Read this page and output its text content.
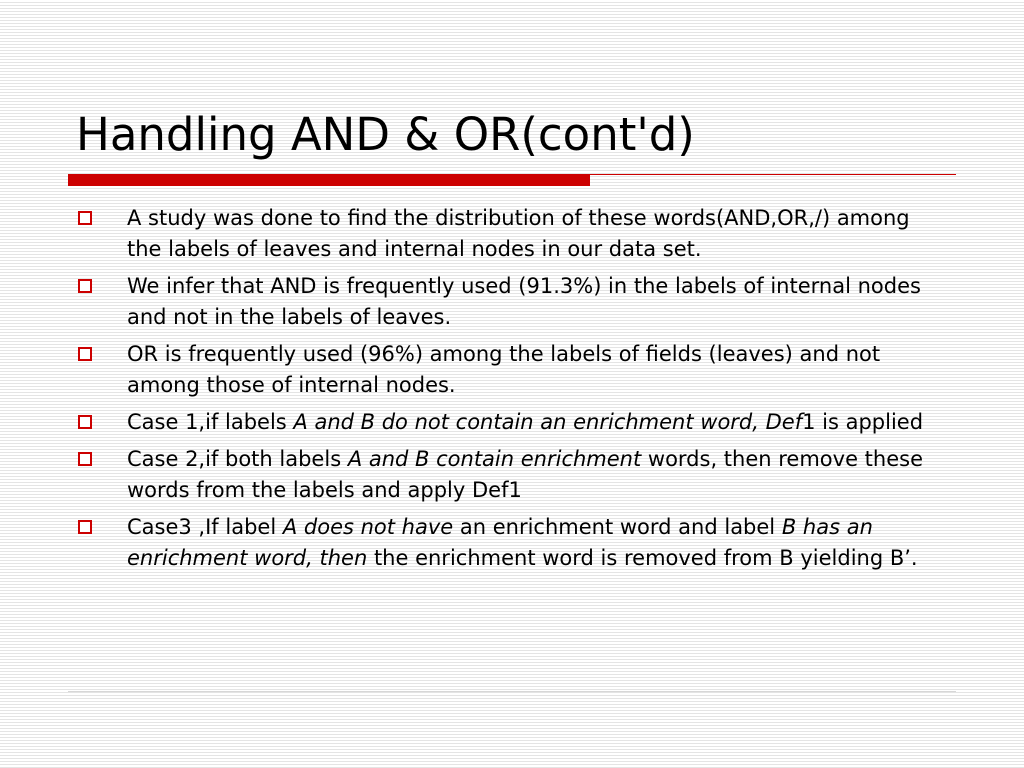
Handling AND & OR(cont'd)
A study was done to find the distribution of these words(AND,OR,/) among the labels of leaves and internal nodes in our data set.
We infer that AND is frequently used (91.3%) in the labels of internal nodes and not in the labels of leaves.
OR is frequently used (96%) among the labels of fields (leaves) and not among those of internal nodes.
Case 1,if labels A and B do not contain an enrichment word, Def1 is applied
Case 2,if both labels A and B contain enrichment words, then remove these words from the labels and apply Def1
Case3 ,If label A does not have an enrichment word and label B has an enrichment word, then the enrichment word is removed from B yielding B’.
